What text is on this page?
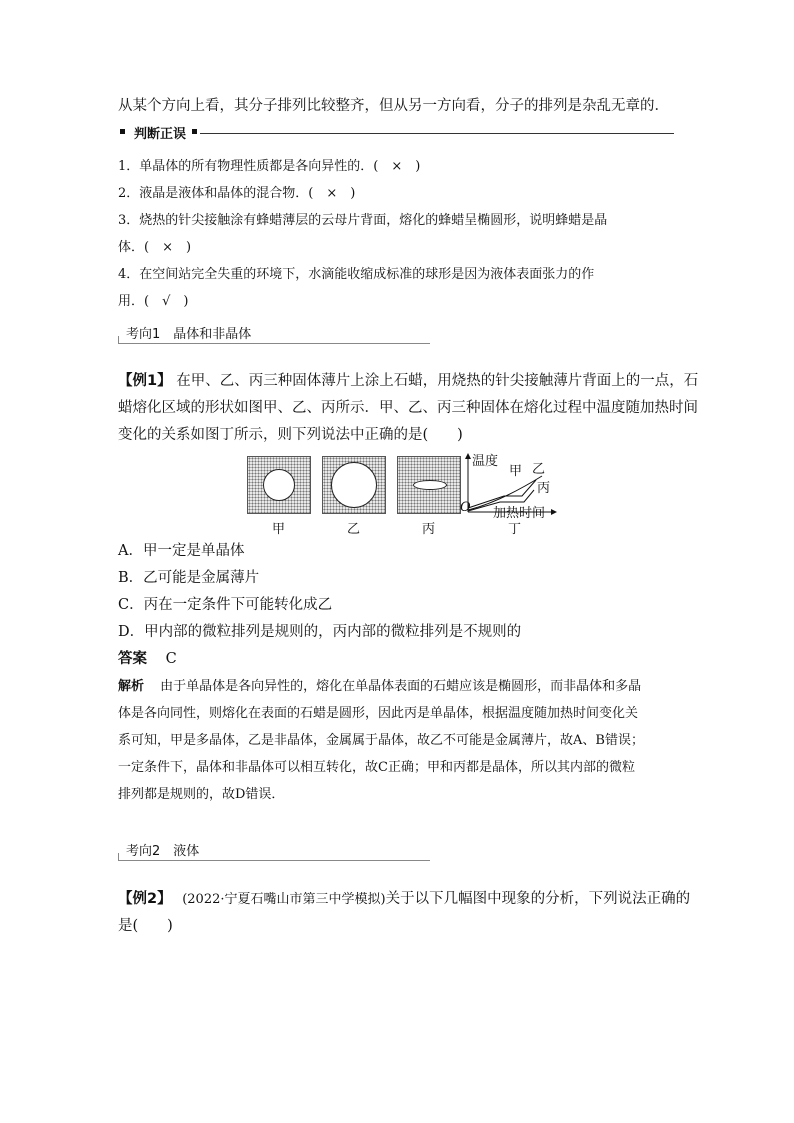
从某个方向上看，其分子排列比较整齐，但从另一方向看，分子的排列是杂乱无章的．
判断正误
1．单晶体的所有物理性质都是各向异性的．(　×　)
2．液晶是液体和晶体的混合物．(　×　)
3．烧热的针尖接触涂有蜂蜡薄层的云母片背面，熔化的蜂蜡呈椭圆形，说明蜂蜡是晶
体．(　×　)
4．在空间站完全失重的环境下，水滴能收缩成标准的球形是因为液体表面张力的作
用．(　√　)
考向1　晶体和非晶体
【例1】 在甲、乙、丙三种固体薄片上涂上石蜡，用烧热的针尖接触薄片背面上的一点，石
蜡熔化区域的形状如图甲、乙、丙所示．甲、乙、丙三种固体在熔化过程中温度随加热时间
变化的关系如图丁所示，则下列说法中正确的是(　　)
温度
甲 乙
丙
O 加热时间
甲	乙	丙	丁
A．甲一定是单晶体
B．乙可能是金属薄片
C．丙在一定条件下可能转化成乙
D．甲内部的微粒排列是规则的，丙内部的微粒排列是不规则的
答案 C
解析 由于单晶体是各向异性的，熔化在单晶体表面的石蜡应该是椭圆形，而非晶体和多晶
体是各向同性，则熔化在表面的石蜡是圆形，因此丙是单晶体，根据温度随加热时间变化关
系可知，甲是多晶体，乙是非晶体，金属属于晶体，故乙不可能是金属薄片，故A、B错误；
一定条件下，晶体和非晶体可以相互转化，故C正确；甲和丙都是晶体，所以其内部的微粒
排列都是规则的，故D错误．
考向2　液体
【例2】 (2022·宁夏石嘴山市第三中学模拟)关于以下几幅图中现象的分析，下列说法正确的
是(　　)
